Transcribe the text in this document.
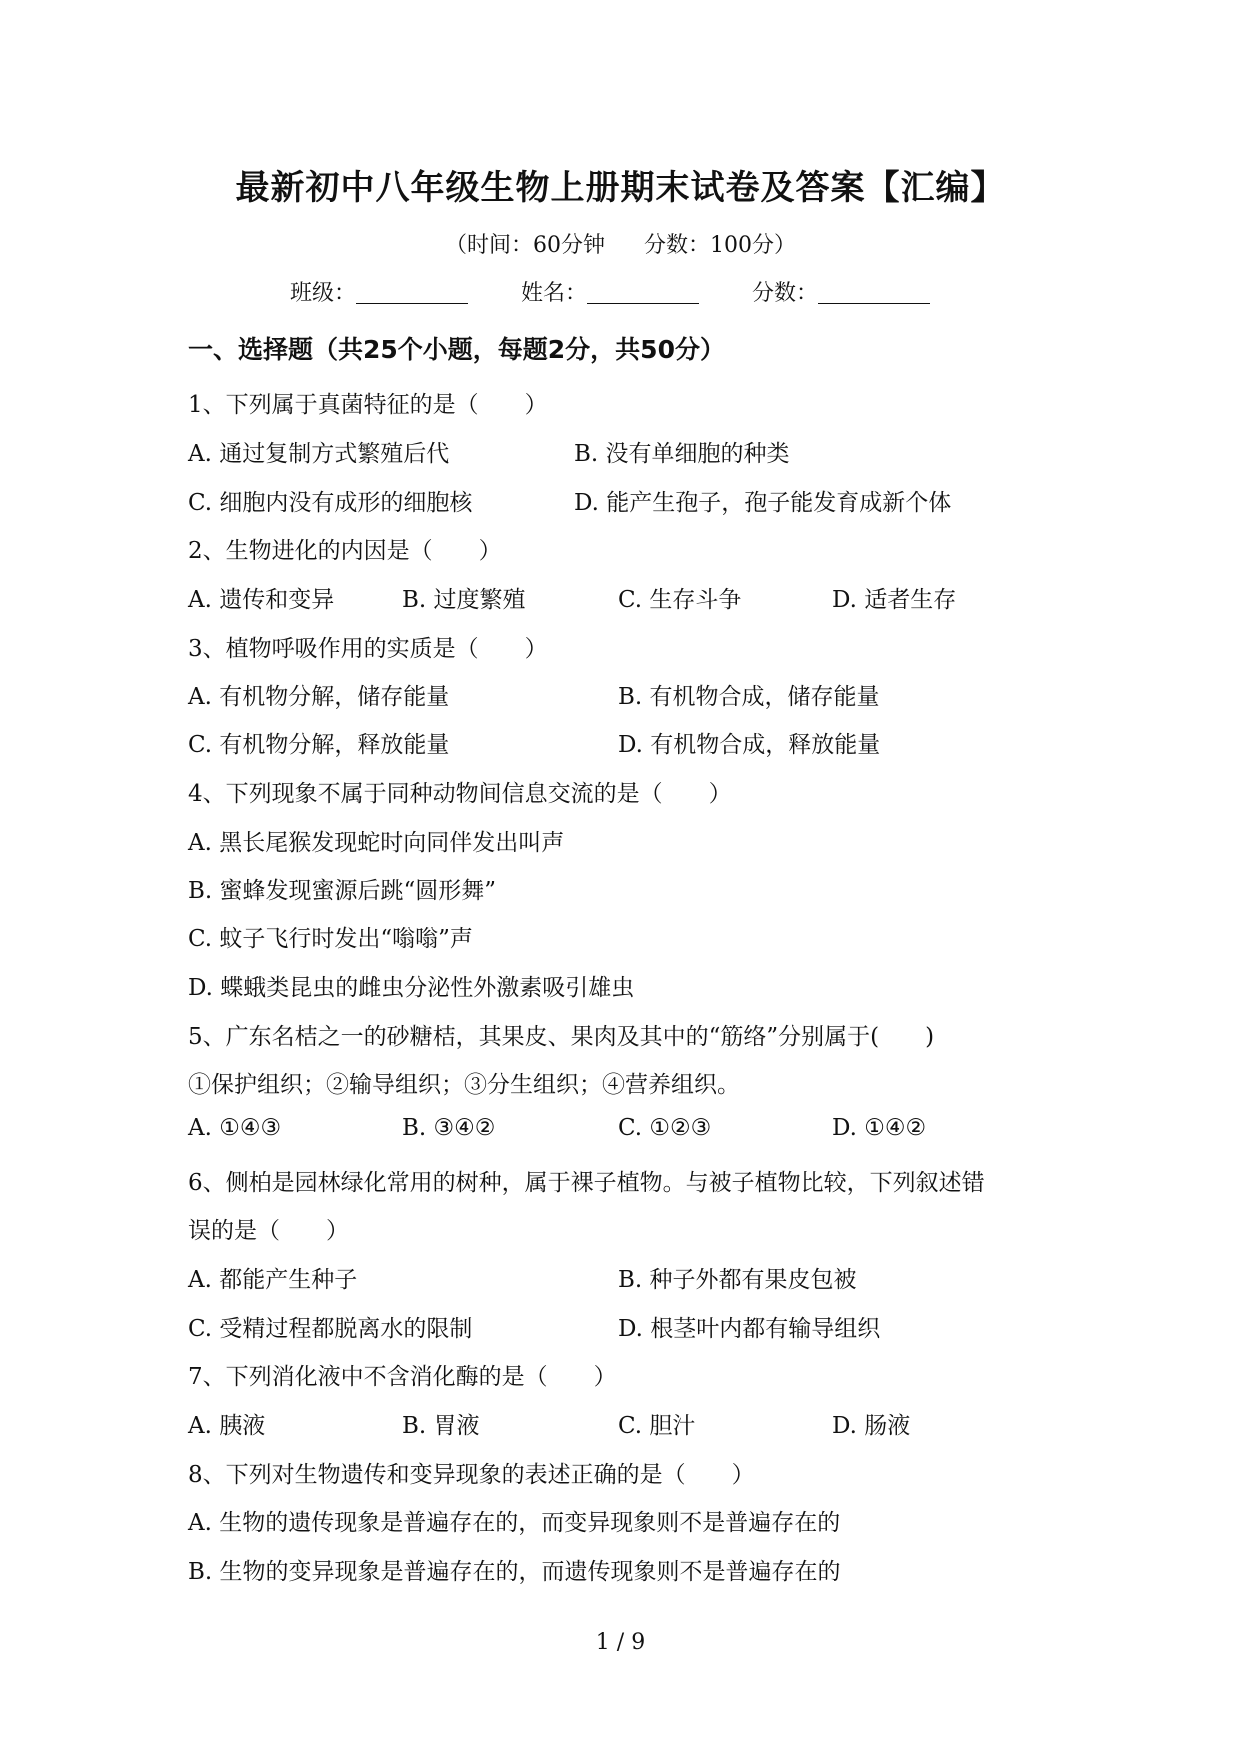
最新初中八年级生物上册期末试卷及答案【汇编】
（时间：60分钟 分数：100分）
班级：	姓名：	分数：
一、选择题（共25个小题，每题2分，共50分）
1、下列属于真菌特征的是（　　）
A. 通过复制方式繁殖后代	B. 没有单细胞的种类
C. 细胞内没有成形的细胞核	D. 能产生孢子，孢子能发育成新个体
2、生物进化的内因是（　　）
A. 遗传和变异	B. 过度繁殖	C. 生存斗争	D. 适者生存
3、植物呼吸作用的实质是（　　）
A. 有机物分解，储存能量	B. 有机物合成，储存能量
C. 有机物分解，释放能量	D. 有机物合成，释放能量
4、下列现象不属于同种动物间信息交流的是（　　）
A. 黑长尾猴发现蛇时向同伴发出叫声
B. 蜜蜂发现蜜源后跳“圆形舞”
C. 蚊子飞行时发出“嗡嗡”声
D. 蝶蛾类昆虫的雌虫分泌性外激素吸引雄虫
5、广东名桔之一的砂糖桔，其果皮、果肉及其中的“筋络”分别属于(　　)
①保护组织；②输导组织；③分生组织；④营养组织。
A. ①④③	B. ③④②	C. ①②③	D. ①④②
6、侧柏是园林绿化常用的树种，属于裸子植物。与被子植物比较，下列叙述错
误的是（　　）
A. 都能产生种子	B. 种子外都有果皮包被
C. 受精过程都脱离水的限制	D. 根茎叶内都有输导组织
7、下列消化液中不含消化酶的是（　　）
A. 胰液	B. 胃液	C. 胆汁	D. 肠液
8、下列对生物遗传和变异现象的表述正确的是（　　）
A. 生物的遗传现象是普遍存在的，而变异现象则不是普遍存在的
B. 生物的变异现象是普遍存在的，而遗传现象则不是普遍存在的
1 / 9
